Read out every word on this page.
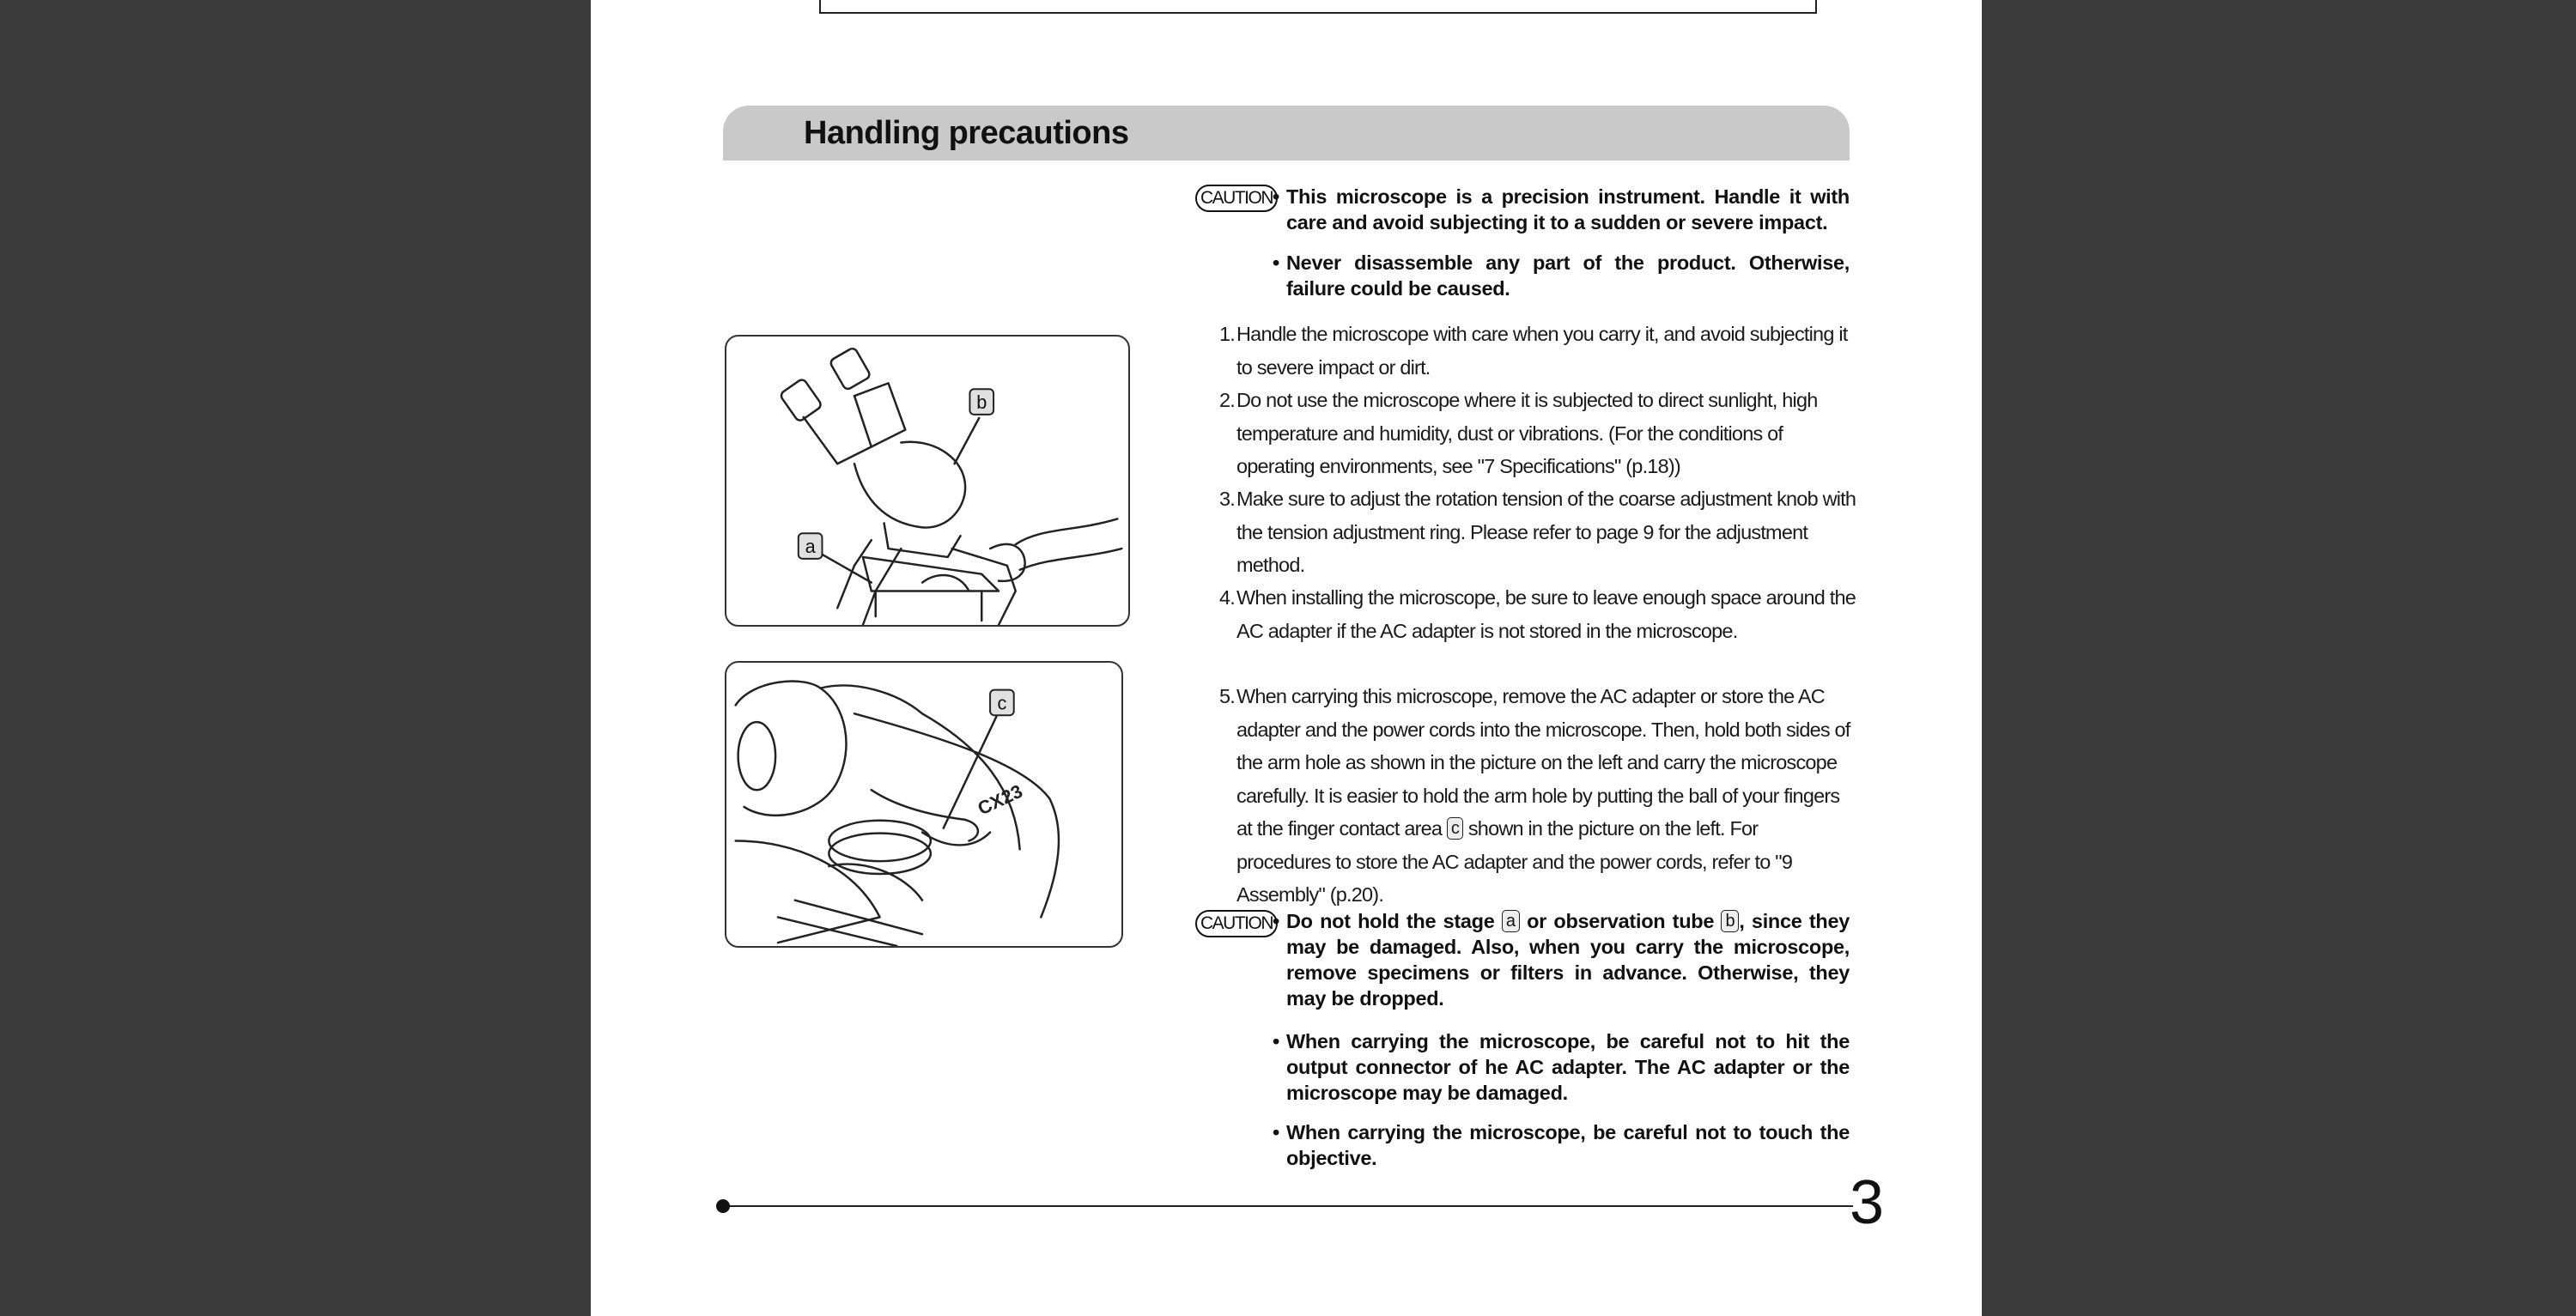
Handling precautions
CAUTION • This microscope is a precision instrument. Handle it with care and avoid subjecting it to a sudden or severe impact.
• Never disassemble any part of the product. Otherwise, failure could be caused.
1. Handle the microscope with care when you carry it, and avoid subjecting it to severe impact or dirt.
2. Do not use the microscope where it is subjected to direct sunlight, high temperature and humidity, dust or vibrations. (For the conditions of operating environments, see "7 Specifications" (p.18))
3. Make sure to adjust the rotation tension of the coarse adjustment knob with the tension adjustment ring. Please refer to page 9 for the adjustment method.
4. When installing the microscope, be sure to leave enough space around the AC adapter if the AC adapter is not stored in the microscope.
5. When carrying this microscope, remove the AC adapter or store the AC adapter and the power cords into the microscope. Then, hold both sides of the arm hole as shown in the picture on the left and carry the microscope carefully. It is easier to hold the arm hole by putting the ball of your fingers at the finger contact area c shown in the picture on the left. For procedures to store the AC adapter and the power cords, refer to "9 Assembly" (p.20).
CAUTION • Do not hold the stage a or observation tube b , since they may be damaged. Also, when you carry the microscope, remove specimens or filters in advance. Otherwise, they may be dropped.
• When carrying the microscope, be careful not to hit the output connector of he AC adapter. The AC adapter or the microscope may be damaged.
• When carrying the microscope, be careful not to touch the objective.
b
a
CX23
c
3
